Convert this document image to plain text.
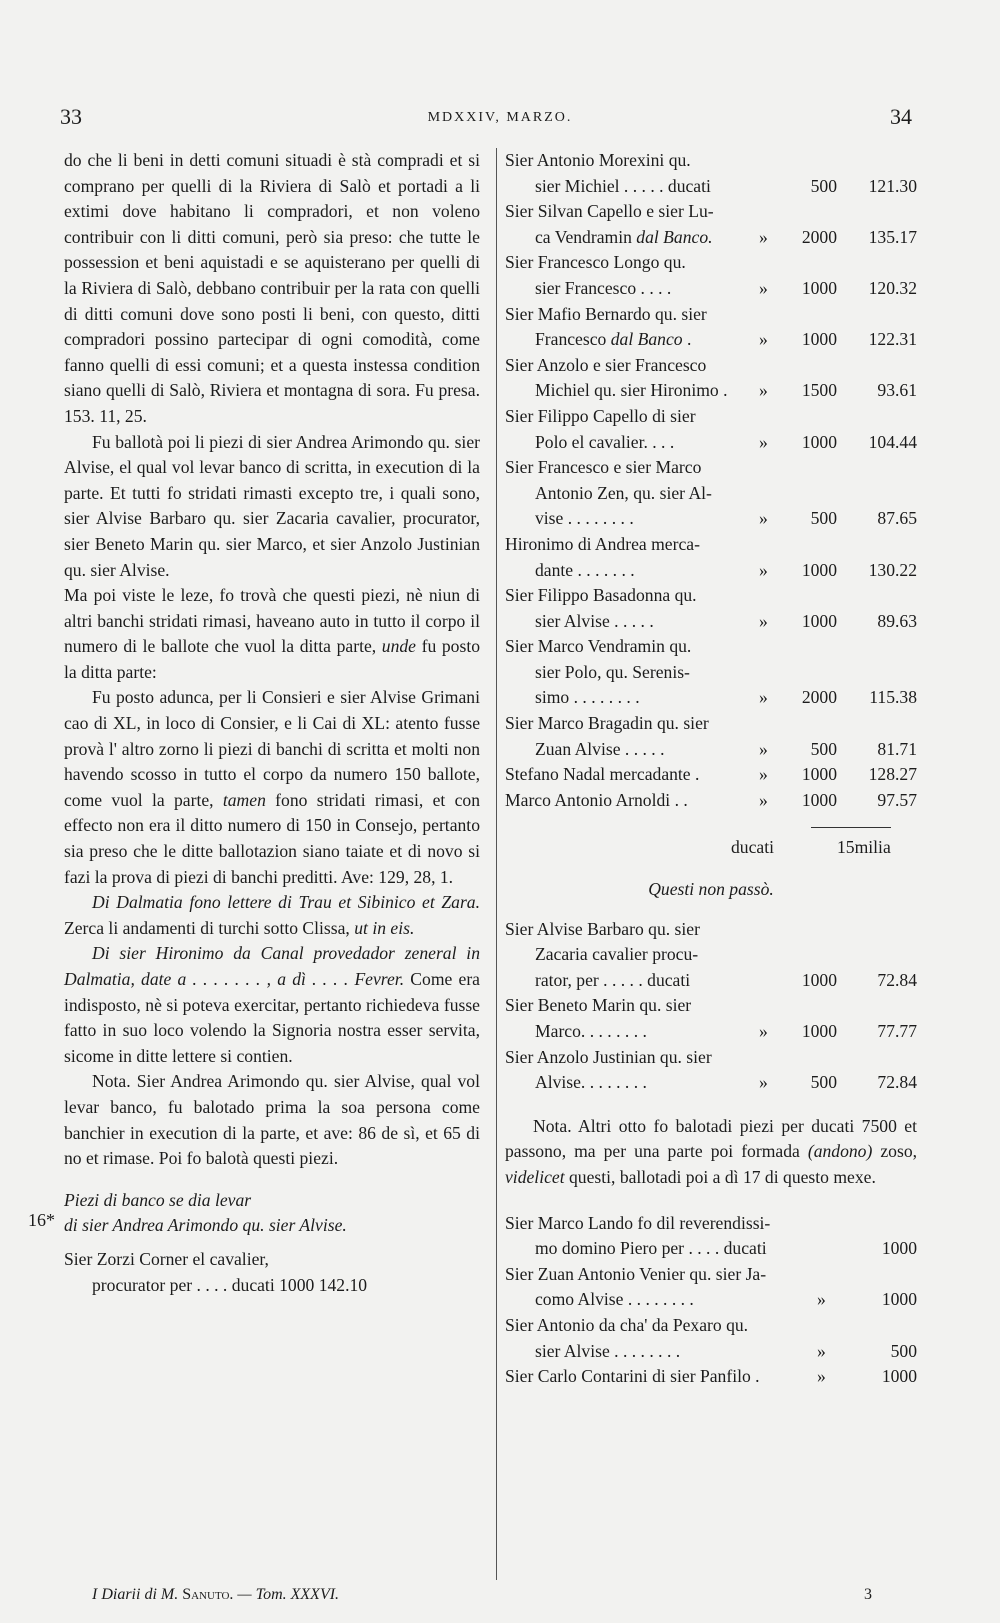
33	MDXXIV, MARZO.	34
16*

do che li beni in detti comuni situadi è stà compradi et si comprano per quelli di la Riviera di Salò et portadi a li extimi dove habitano li compradori, et non voleno contribuir con li ditti comuni, però sia preso: che tutte le possession et beni aquistadi e se aquisterano per quelli di la Riviera di Salò, debbano contribuir per la rata con quelli di ditti comuni dove sono posti li beni, con questo, ditti compradori possino partecipar di ogni comodità, come fanno quelli di essi comuni; et a questa instessa condition siano quelli di Salò, Riviera et montagna di sora. Fu presa. 153. 11, 25.

Fu ballotà poi li piezi di sier Andrea Arimondo qu. sier Alvise, el qual vol levar banco di scritta, in execution di la parte. Et tutti fo stridati rimasti excepto tre, i quali sono, sier Alvise Barbaro qu. sier Zacaria cavalier, procurator, sier Beneto Marin qu. sier Marco, et sier Anzolo Justinian qu. sier Alvise.

Ma poi viste le leze, fo trovà che questi piezi, nè niun di altri banchi stridati rimasi, haveano auto in tutto il corpo il numero di le ballote che vuol la ditta parte, unde fu posto la ditta parte:

Fu posto adunca, per li Consieri e sier Alvise Grimani cao di XL, in loco di Consier, e li Cai di XL: atento fusse provà l' altro zorno li piezi di banchi di scritta et molti non havendo scosso in tutto el corpo da numero 150 ballote, come vuol la parte, tamen fono stridati rimasi, et con effecto non era il ditto numero di 150 in Consejo, pertanto sia preso che le ditte ballotazion siano taiate et di novo si fazi la prova di piezi di banchi preditti. Ave: 129, 28, 1.

Di Dalmatia fono lettere di Trau et Sibinico et Zara. Zerca li andamenti di turchi sotto Clissa, ut in eis.

Di sier Hironimo da Canal provedador zeneral in Dalmatia, date a . . . . . . . , a dì . . . . Fevrer. Come era indisposto, nè si poteva exercitar, pertanto richiedeva fusse fatto in suo loco volendo la Signoria nostra esser servita, sicome in ditte lettere si contien.

Nota. Sier Andrea Arimondo qu. sier Alvise, qual vol levar banco, fu balotado prima la soa persona come banchier in execution di la parte, et ave: 86 de sì, et 65 di no et rimase. Poi fo balotà questi piezi.

Piezi di banco se dia levar

di sier Andrea Arimondo qu. sier Alvise.

Sier Zorzi Corner el cavalier,

procurator per . . . . ducati 1000 142.10

Sier Antonio Morexini qu.
sier Michiel . . . . . ducati	500	121.30
Sier Silvan Capello e sier Lu-
ca Vendramin dal Banco.	»	2000	135.17
Sier Francesco Longo qu.
sier Francesco . . . .	»	1000	120.32
Sier Mafio Bernardo qu. sier
Francesco dal Banco .	»	1000	122.31
Sier Anzolo e sier Francesco
Michiel qu. sier Hironimo . »	1500	93.61
Sier Filippo Capello di sier
Polo el cavalier. . . .	»	1000	104.44
Sier Francesco e sier Marco
Antonio Zen, qu. sier Al-
vise . . . . . . . .	»	500	87.65
Hironimo di Andrea merca-
dante . . . . . . .	»	1000	130.22
Sier Filippo Basadonna qu.
sier Alvise . . . . .	»	1000	89.63
Sier Marco Vendramin qu.
sier Polo, qu. Serenis-
simo . . . . . . . .	»	2000	115.38
Sier Marco Bragadin qu. sier
Zuan Alvise . . . . .	»	500	81.71
Stefano Nadal mercadante .	»	1000	128.27
Marco Antonio Arnoldi . .	»	1000	97.57
ducati	15milia
Questi non passò.
Sier Alvise Barbaro qu. sier
Zacaria cavalier procu-
rator, per . . . . . ducati	1000	72.84
Sier Beneto Marin qu. sier
Marco. . . . . . . .	»	1000	77.77
Sier Anzolo Justinian qu. sier
Alvise. . . . . . . .	»	500	72.84

Nota. Altri otto fo balotadi piezi per ducati 7500 et passono, ma per una parte poi formada (andono) zoso, videlicet questi, ballotadi poi a dì 17 di questo mexe.

Sier Marco Lando fo dil reverendissi-
mo domino Piero per . . . . ducati	1000
Sier Zuan Antonio Venier qu. sier Ja-
como Alvise . . . . . . . .	»	1000
Sier Antonio da cha' da Pexaro qu.
sier Alvise . . . . . . . .	»	500
Sier Carlo Contarini di sier Panfilo .	»	1000
I Diarii di M. Sanuto. — Tom. XXXVI.	3
